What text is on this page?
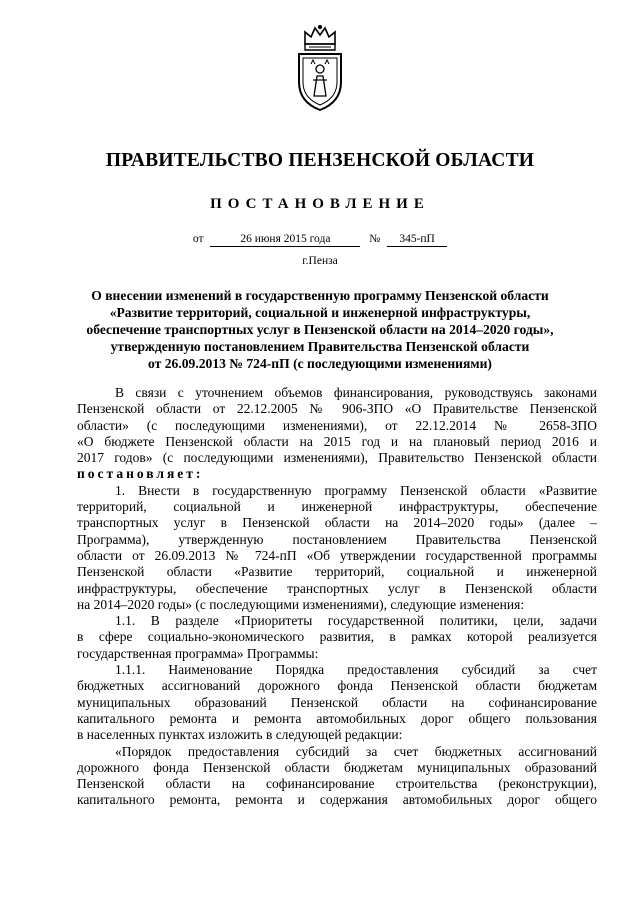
ПРАВИТЕЛЬСТВО ПЕНЗЕНСКОЙ ОБЛАСТИ
ПОСТАНОВЛЕНИЕ
от	26 июня 2015 года	№ 345-пП
г.Пенза
О внесении изменений в государственную программу Пензенской области
«Развитие территорий, социальной и инженерной инфраструктуры,
обеспечение транспортных услуг в Пензенской области на 2014–2020 годы»,
утвержденную постановлением Правительства Пензенской области
от 26.09.2013 № 724-пП (с последующими изменениями)

В связи с уточнением объемов финансирования, руководствуясь законами

Пензенской области от 22.12.2005 № 906-ЗПО «О Правительстве Пензенской

области» (с последующими изменениями), от 22.12.2014 № 2658-ЗПО

«О бюджете Пензенской области на 2015 год и на плановый период 2016 и

2017 годов» (с последующими изменениями), Правительство Пензенской области

постановляет:

1. Внести в государственную программу Пензенской области «Развитие

территорий, социальной и инженерной инфраструктуры, обеспечение

транспортных услуг в Пензенской области на 2014–2020 годы» (далее –

Программа), утвержденную постановлением Правительства Пензенской

области от 26.09.2013 № 724-пП «Об утверждении государственной программы

Пензенской области «Развитие территорий, социальной и инженерной

инфраструктуры, обеспечение транспортных услуг в Пензенской области

на 2014–2020 годы» (с последующими изменениями), следующие изменения:

1.1. В разделе «Приоритеты государственной политики, цели, задачи

в сфере социально-экономического развития, в рамках которой реализуется

государственная программа» Программы:

1.1.1. Наименование Порядка предоставления субсидий за счет

бюджетных ассигнований дорожного фонда Пензенской области бюджетам

муниципальных образований Пензенской области на софинансирование

капитального ремонта и ремонта автомобильных дорог общего пользования

в населенных пунктах изложить в следующей редакции:

«Порядок предоставления субсидий за счет бюджетных ассигнований

дорожного фонда Пензенской области бюджетам муниципальных образований

Пензенской области на софинансирование строительства (реконструкции),

капитального ремонта, ремонта и содержания автомобильных дорог общего
